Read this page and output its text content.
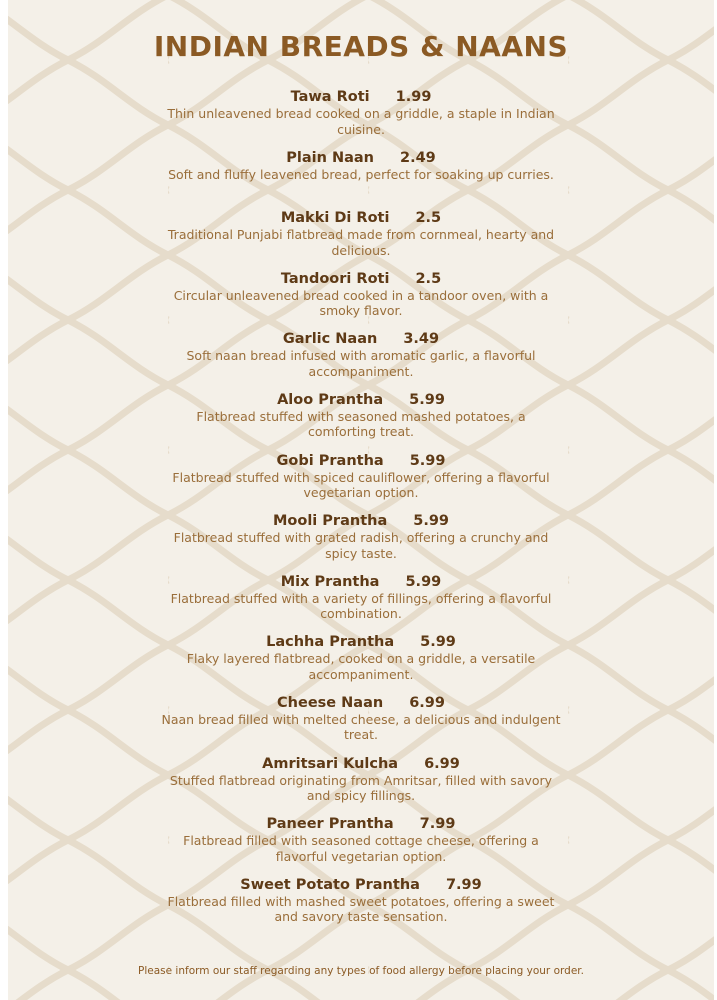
INDIAN BREADS & NAANS
Tawa Roti 1.99
Thin unleavened bread cooked on a griddle, a staple in Indian cuisine.
Plain Naan 2.49
Soft and fluffy leavened bread, perfect for soaking up curries.
Makki Di Roti 2.5
Traditional Punjabi flatbread made from cornmeal, hearty and delicious.
Tandoori Roti 2.5
Circular unleavened bread cooked in a tandoor oven, with a smoky flavor.
Garlic Naan 3.49
Soft naan bread infused with aromatic garlic, a flavorful accompaniment.
Aloo Prantha 5.99
Flatbread stuffed with seasoned mashed potatoes, a comforting treat.
Gobi Prantha 5.99
Flatbread stuffed with spiced cauliflower, offering a flavorful vegetarian option.
Mooli Prantha 5.99
Flatbread stuffed with grated radish, offering a crunchy and spicy taste.
Mix Prantha 5.99
Flatbread stuffed with a variety of fillings, offering a flavorful combination.
Lachha Prantha 5.99
Flaky layered flatbread, cooked on a griddle, a versatile accompaniment.
Cheese Naan 6.99
Naan bread filled with melted cheese, a delicious and indulgent treat.
Amritsari Kulcha 6.99
Stuffed flatbread originating from Amritsar, filled with savory and spicy fillings.
Paneer Prantha 7.99
Flatbread filled with seasoned cottage cheese, offering a flavorful vegetarian option.
Sweet Potato Prantha 7.99
Flatbread filled with mashed sweet potatoes, offering a sweet and savory taste sensation.
Please inform our staff regarding any types of food allergy before placing your order.
